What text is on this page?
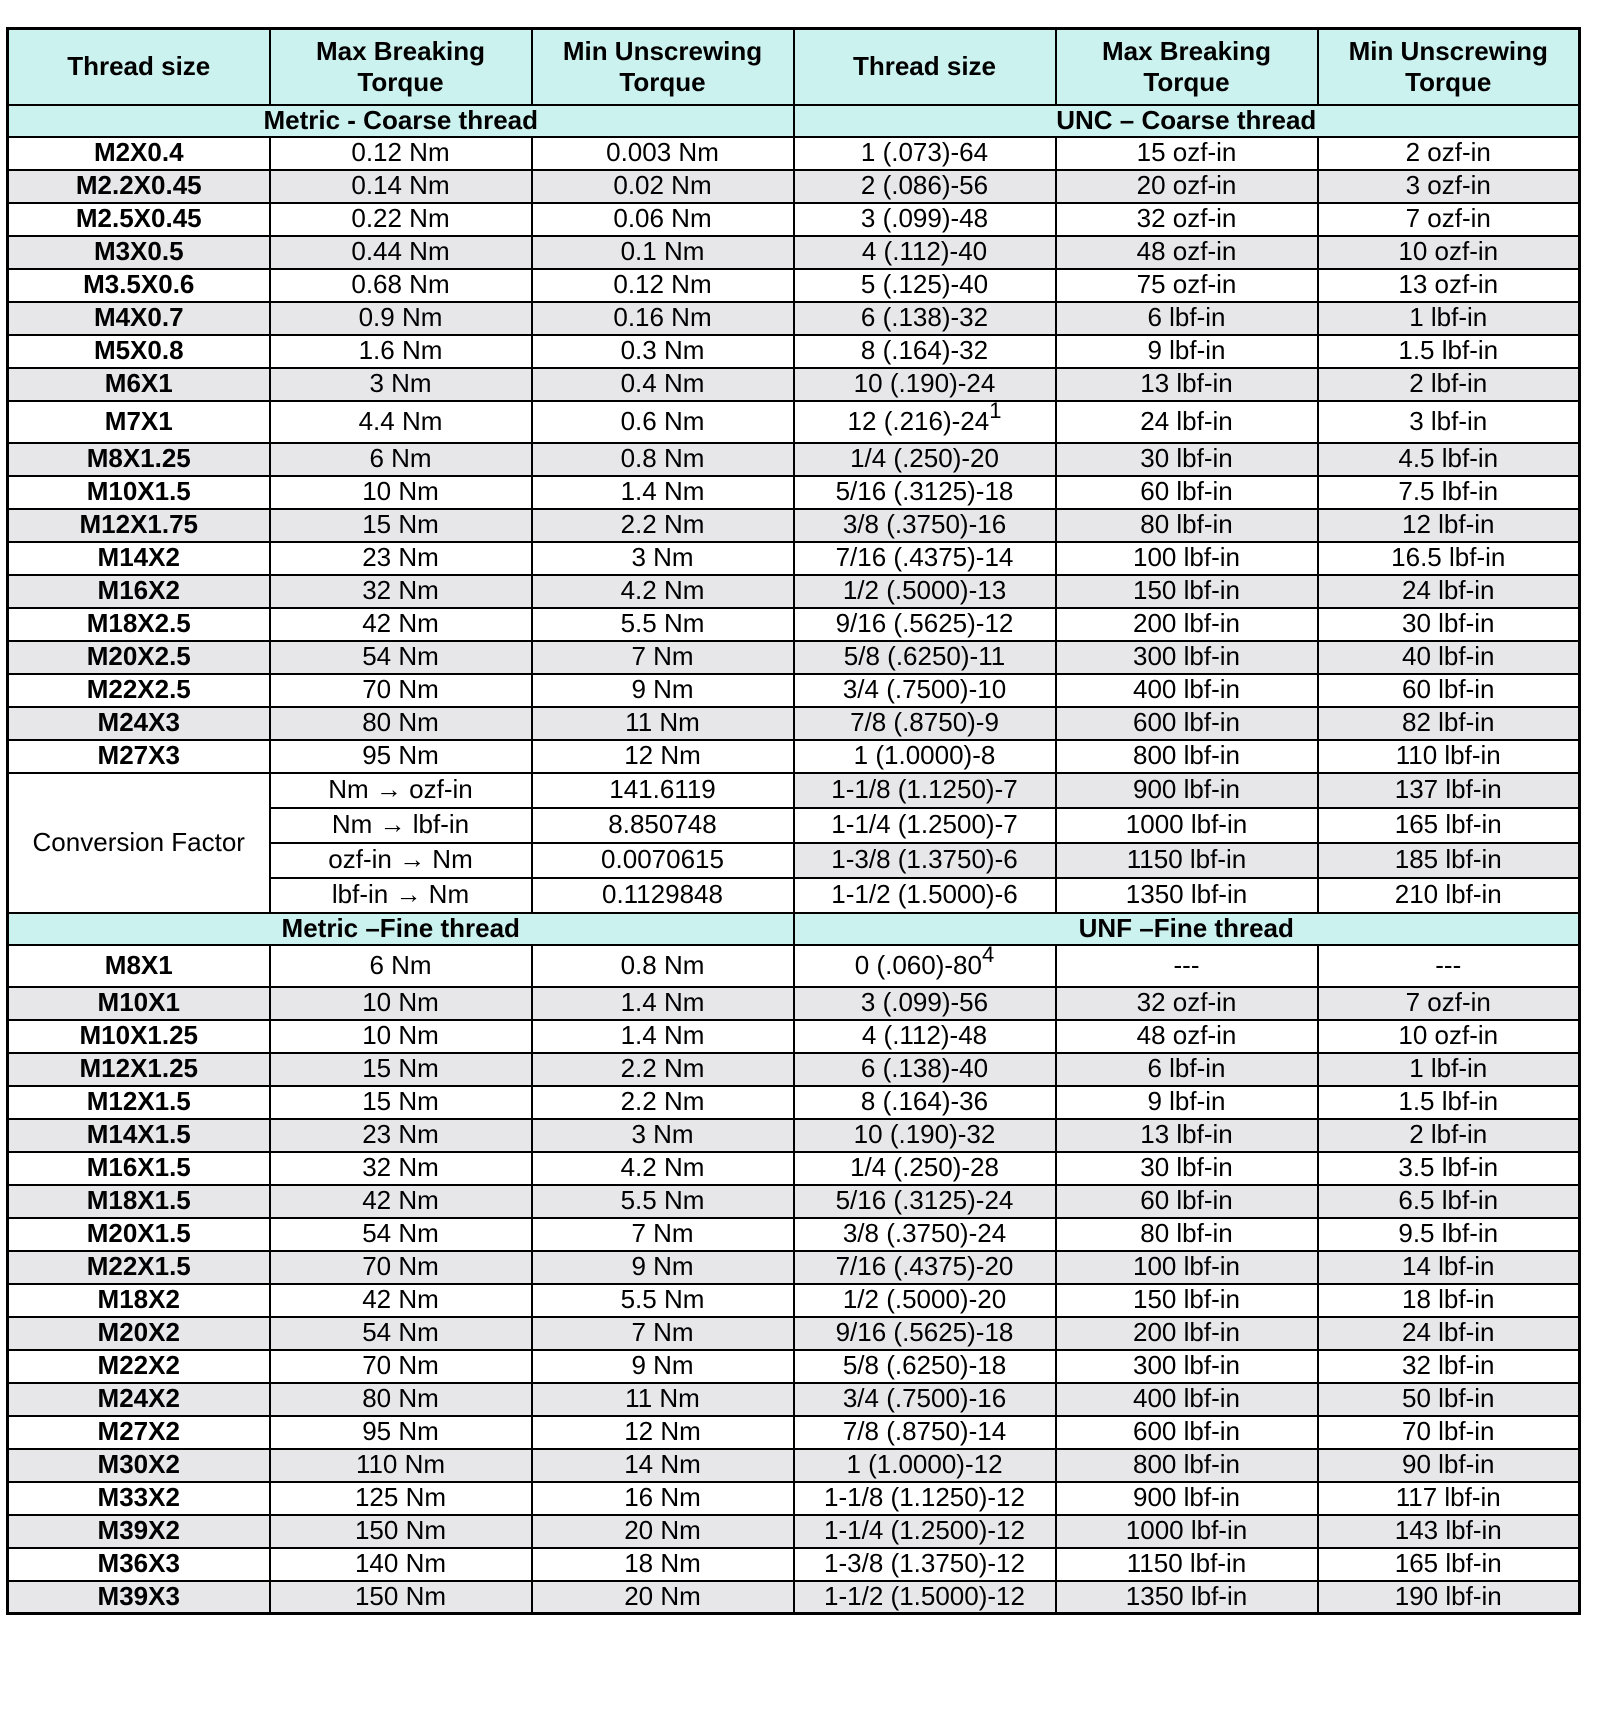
Thread size	Max Breaking Torque	Min Unscrewing Torque	Thread size	Max Breaking Torque	Min Unscrewing Torque
Metric - Coarse thread			UNC – Coarse thread		
M2X0.4	0.12 Nm	0.003 Nm	1 (.073)-64	15 ozf-in	2 ozf-in
M2.2X0.45	0.14 Nm	0.02 Nm	2 (.086)-56	20 ozf-in	3 ozf-in
M2.5X0.45	0.22 Nm	0.06 Nm	3 (.099)-48	32 ozf-in	7 ozf-in
M3X0.5	0.44 Nm	0.1 Nm	4 (.112)-40	48 ozf-in	10 ozf-in
M3.5X0.6	0.68 Nm	0.12 Nm	5 (.125)-40	75 ozf-in	13 ozf-in
M4X0.7	0.9 Nm	0.16 Nm	6 (.138)-32	6 lbf-in	1 lbf-in
M5X0.8	1.6 Nm	0.3 Nm	8 (.164)-32	9 lbf-in	1.5 lbf-in
M6X1	3 Nm	0.4 Nm	10 (.190)-24	13 lbf-in	2 lbf-in
M7X1	4.4 Nm	0.6 Nm	12 $(.216)-24^1$	24 lbf-in	3 lbf-in
M8X1.25	6 Nm	0.8 Nm	1/4 (.250)-20	30 lbf-in	4.5 lbf-in
M10X1.5	10 Nm	1.4 Nm	5/16 (.3125)-18	60 lbf-in	7.5 lbf-in
M12X1.75	15 Nm	2.2 Nm	3/8 (.3750)-16	80 lbf-in	12 lbf-in
M14X2	23 Nm	3 Nm	7/16 (.4375)-14	100 lbf-in	16.5 lbf-in
M16X2	32 Nm	4.2 Nm	1/2 (.5000)-13	150 lbf-in	24 lbf-in
M18X2.5	42 Nm	5.5 Nm	9/16 (.5625)-12	200 lbf-in	30 lbf-in
M20X2.5	54 Nm	7 Nm	5/8 (.6250)-11	300 lbf-in	40 lbf-in
M22X2.5	70 Nm	9 Nm	3/4 (.7500)-10	400 lbf-in	60 lbf-in
M24X3	80 Nm	11 Nm	7/8 (.8750)-9	600 lbf-in	82 lbf-in
M27X3	95 Nm	12 Nm	1 (1.0000)-8	800 lbf-in	110 lbf-in
Conversion Factor	Nm → ozf-in	141.6119	1-1/8 (1.1250)-7	900 lbf-in	137 lbf-in
	Nm → lbf-in	8.850748	1-1/4 (1.2500)-7	1000 lbf-in	165 lbf-in
	ozf-in → Nm	0.0070615	1-3/8 (1.3750)-6	1150 lbf-in	185 lbf-in
	lbf-in → Nm	0.1129848	1-1/2 (1.5000)-6	1350 lbf-in	210 lbf-in
Metric –Fine thread			UNF –Fine thread		
M8X1	6 Nm	0.8 Nm	0 $(.060)-80^4$	---	---
M10X1	10 Nm	1.4 Nm	3 (.099)-56	32 ozf-in	7 ozf-in
M10X1.25	10 Nm	1.4 Nm	4 (.112)-48	48 ozf-in	10 ozf-in
M12X1.25	15 Nm	2.2 Nm	6 (.138)-40	6 lbf-in	1 lbf-in
M12X1.5	15 Nm	2.2 Nm	8 (.164)-36	9 lbf-in	1.5 lbf-in
M14X1.5	23 Nm	3 Nm	10 (.190)-32	13 lbf-in	2 lbf-in
M16X1.5	32 Nm	4.2 Nm	1/4 (.250)-28	30 lbf-in	3.5 lbf-in
M18X1.5	42 Nm	5.5 Nm	5/16 (.3125)-24	60 lbf-in	6.5 lbf-in
M20X1.5	54 Nm	7 Nm	3/8 (.3750)-24	80 lbf-in	9.5 lbf-in
M22X1.5	70 Nm	9 Nm	7/16 (.4375)-20	100 lbf-in	14 lbf-in
M18X2	42 Nm	5.5 Nm	1/2 (.5000)-20	150 lbf-in	18 lbf-in
M20X2	54 Nm	7 Nm	9/16 (.5625)-18	200 lbf-in	24 lbf-in
M22X2	70 Nm	9 Nm	5/8 (.6250)-18	300 lbf-in	32 lbf-in
M24X2	80 Nm	11 Nm	3/4 (.7500)-16	400 lbf-in	50 lbf-in
M27X2	95 Nm	12 Nm	7/8 (.8750)-14	600 lbf-in	70 lbf-in
M30X2	110 Nm	14 Nm	1 (1.0000)-12	800 lbf-in	90 lbf-in
M33X2	125 Nm	16 Nm	1-1/8 (1.1250)-12	900 lbf-in	117 lbf-in
M39X2	150 Nm	20 Nm	1-1/4 (1.2500)-12	1000 lbf-in	143 lbf-in
M36X3	140 Nm	18 Nm	1-3/8 (1.3750)-12	1150 lbf-in	165 lbf-in
M39X3	150 Nm	20 Nm	1-1/2 (1.5000)-12	1350 lbf-in	190 lbf-in
